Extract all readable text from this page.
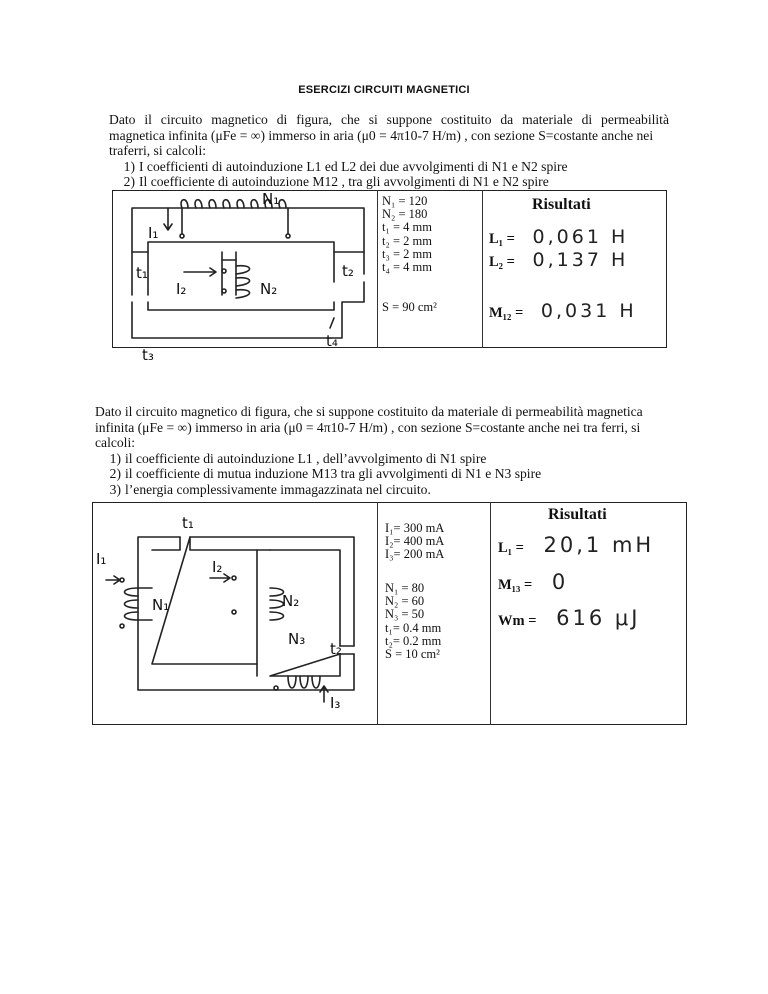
ESERCIZI CIRCUITI MAGNETICI

Dato il circuito magnetico di figura, che si suppone costituito da materiale di permeabilità

magnetica infinita (μFe = ∞) immerso in aria (μ0 = 4π10-7 H/m) , con sezione S=costante anche nei

traferri, si calcoli:

1) I coefficienti di autoinduzione L1 ed L2 dei due avvolgimenti di N1 e N2 spire

2) Il coefficiente di autoinduzione M12 , tra gli avvolgimenti di N1 e N2 spire

N₁
I₁
t₁
I₂	N₂
t₂
t₃
t₄
N₁ = 120
N₂ = 180
t₁ = 4 mm
t₂ = 2 mm
t₃ = 2 mm
t₄ = 4 mm
S = 90 cm²
Risultati
L₁ = 0,061 H
L₂ = 0,137 H
M₁₂ = 0,031 H

Dato il circuito magnetico di figura, che si suppone costituito da materiale di permeabilità magnetica

infinita (μFe = ∞) immerso in aria (μ0 = 4π10-7 H/m) , con sezione S=costante anche nei tra ferri, si

calcoli:

1) il coefficiente di autoinduzione L1 , dell’avvolgimento di N1 spire

2) il coefficiente di mutua induzione M13 tra gli avvolgimenti di N1 e N3 spire

3) l’energia complessivamente immagazzinata nel circuito.

t₁
I₁
N₁
I₂
N₂
N₃
t₂
I₃
I₁= 300 mA
I₂= 400 mA
I₃= 200 mA
N₁ = 80
N₂ = 60
N₃ = 50
t₁= 0.4 mm
t₂= 0.2 mm
S = 10 cm²
Risultati
L₁ = 20,1 mH
M₁₃ = 0
Wm = 616 μJ
